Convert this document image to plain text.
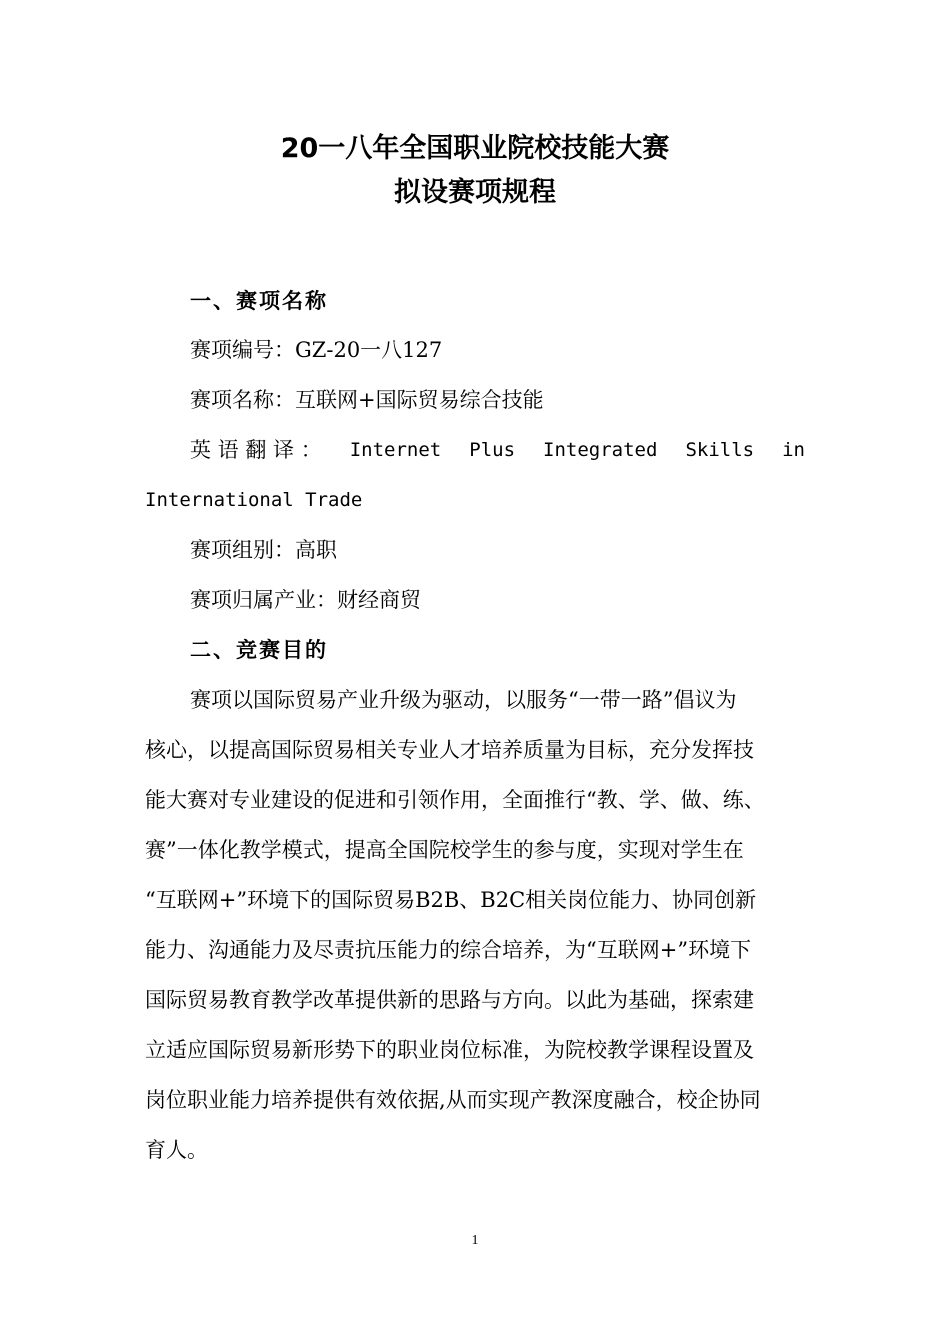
20一八年全国职业院校技能大赛
拟设赛项规程
一、赛项名称
赛项编号：GZ-20一八127
赛项名称：互联网+国际贸易综合技能
英 语 翻 译 ： Internet Plus Integrated Skills in
International Trade
赛项组别：高职
赛项归属产业：财经商贸
二、竞赛目的
赛项以国际贸易产业升级为驱动，以服务“一带一路”倡议为
核心，以提高国际贸易相关专业人才培养质量为目标，充分发挥技
能大赛对专业建设的促进和引领作用，全面推行“教、学、做、练、
赛”一体化教学模式，提高全国院校学生的参与度，实现对学生在
“互联网+”环境下的国际贸易B2B、B2C相关岗位能力、协同创新
能力、沟通能力及尽责抗压能力的综合培养，为“互联网+”环境下
国际贸易教育教学改革提供新的思路与方向。以此为基础，探索建
立适应国际贸易新形势下的职业岗位标准，为院校教学课程设置及
岗位职业能力培养提供有效依据,从而实现产教深度融合，校企协同
育人。
1
